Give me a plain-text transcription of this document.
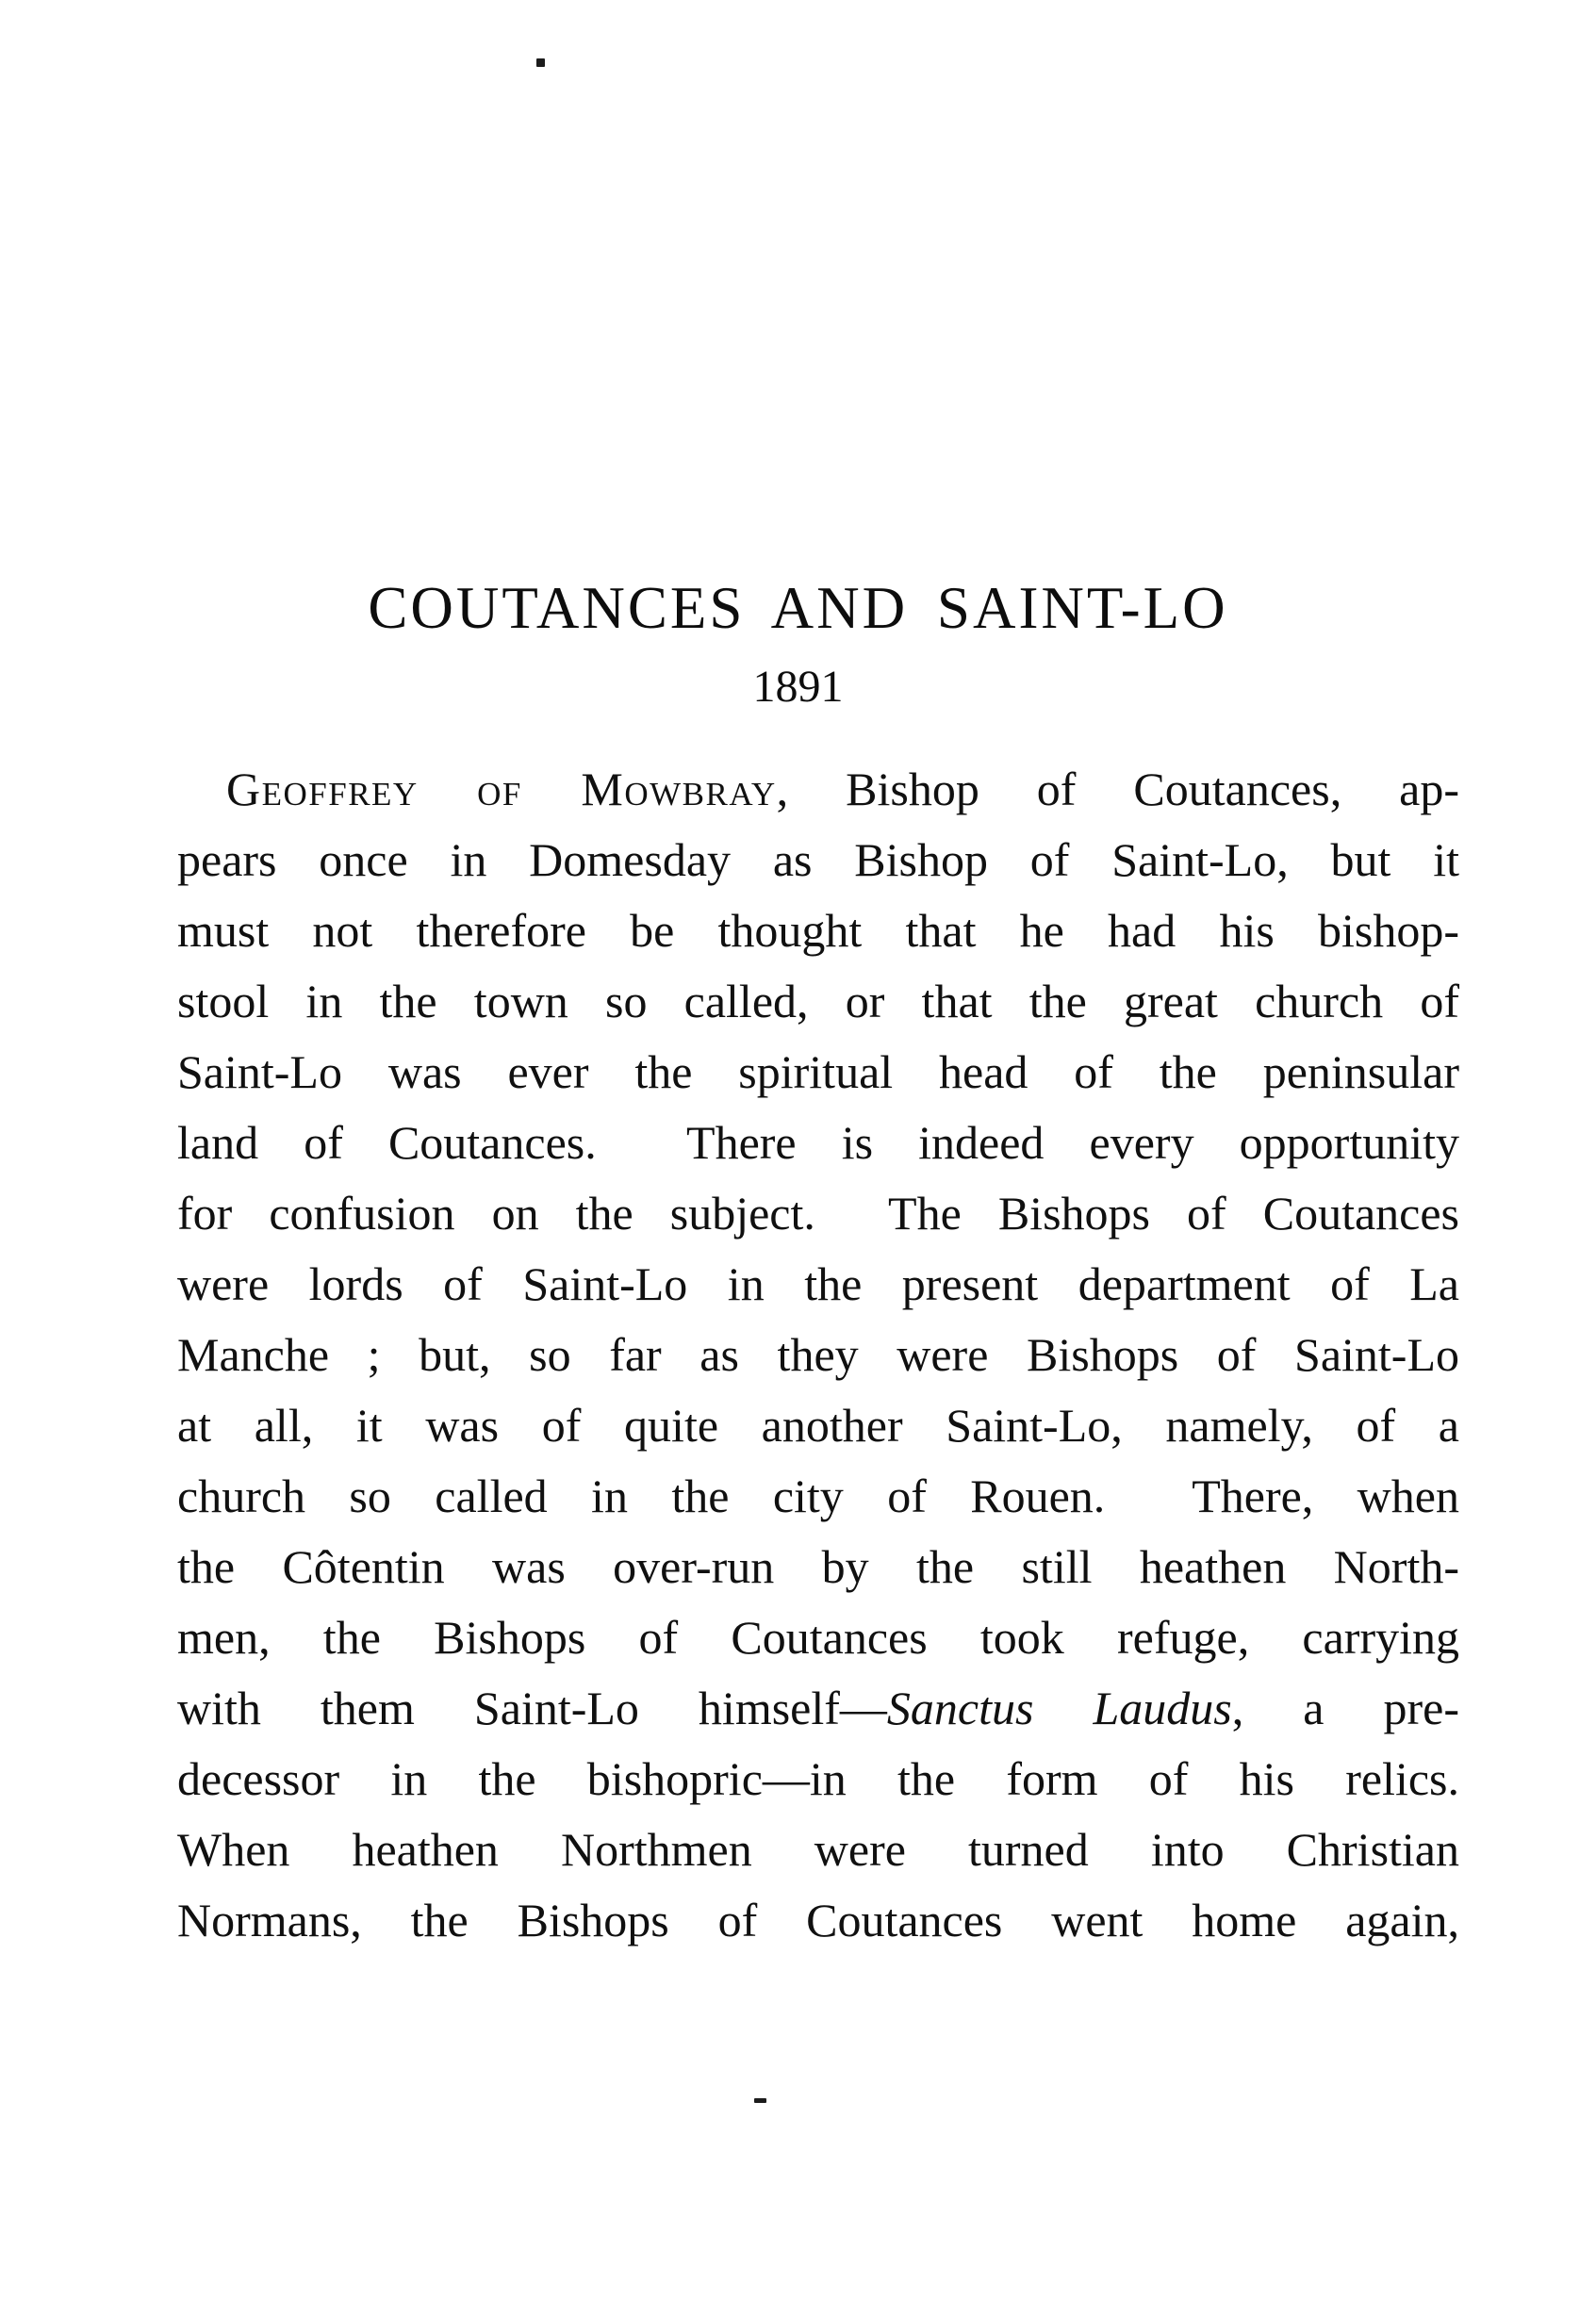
COUTANCES AND SAINT-LO
1891
Geoffrey of Mowbray, Bishop of Coutances, ap-
pears once in Domesday as Bishop of Saint-Lo, but it
must not therefore be thought that he had his bishop-
stool in the town so called, or that the great church of
Saint-Lo was ever the spiritual head of the peninsular
land of Coutances.  There is indeed every opportunity
for confusion on the subject.  The Bishops of Coutances
were lords of Saint-Lo in the present department of La
Manche ; but, so far as they were Bishops of Saint-Lo
at all, it was of quite another Saint-Lo, namely, of a
church so called in the city of Rouen.  There, when
the Côtentin was over-run by the still heathen North-
men, the Bishops of Coutances took refuge, carrying
with them Saint-Lo himself—Sanctus Laudus, a pre-
decessor in the bishopric—in the form of his relics.
When heathen Northmen were turned into Christian
Normans, the Bishops of Coutances went home again,
